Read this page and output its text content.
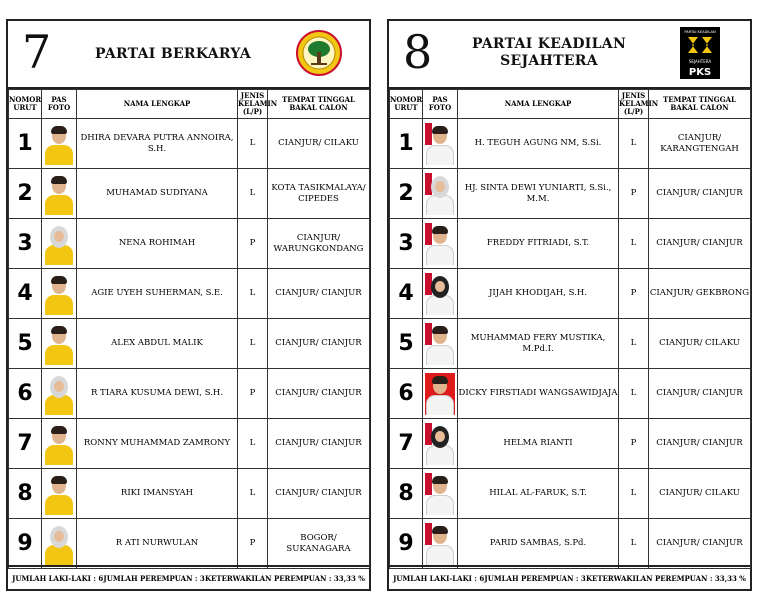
7	PARTAI BERKARYA
NOMOR URUT	PAS FOTO	NAMA LENGKAP	JENIS KELAMIN (L/P)	TEMPAT TINGGAL BAKAL CALON
1		DHIRA DEVARA PUTRA ANNOIRA, S.H.	L	CIANJUR/ CILAKU
2		MUHAMAD SUDIYANA	L	KOTA TASIKMALAYA/ CIPEDES
3		NENA ROHIMAH	P	CIANJUR/ WARUNGKONDANG
4		AGIE UYEH SUHERMAN, S.E.	L	CIANJUR/ CIANJUR
5		ALEX ABDUL MALIK	L	CIANJUR/ CIANJUR
6		R TIARA KUSUMA DEWI, S.H.	P	CIANJUR/ CIANJUR
7		RONNY MUHAMMAD ZAMRONY	L	CIANJUR/ CIANJUR
8		RIKI IMANSYAH	L	CIANJUR/ CIANJUR
9		R ATI NURWULAN	P	BOGOR/ SUKANAGARA
JUMLAH LAKI-LAKI : 6 JUMLAH PEREMPUAN : 3 KETERWAKILAN PEREMPUAN : 33,33 %
8	PARTAI KEADILAN
SEJAHTERA
PARTAI KEADILAN
SEJAHTERA
PKS
NOMOR URUT	PAS FOTO	NAMA LENGKAP	JENIS KELAMIN (L/P)	TEMPAT TINGGAL BAKAL CALON
1		H. TEGUH AGUNG NM, S.Si.	L	CIANJUR/ KARANGTENGAH
2		HJ. SINTA DEWI YUNIARTI, S.Si., M.M.	P	CIANJUR/ CIANJUR
3		FREDDY FITRIADI, S.T.	L	CIANJUR/ CIANJUR
4		JIJAH KHODIJAH, S.H.	P	CIANJUR/ GEKBRONG
5		MUHAMMAD FERY MUSTIKA, M.Pd.I.	L	CIANJUR/ CILAKU
6		DICKY FIRSTIADI WANGSAWIDJAJA	L	CIANJUR/ CIANJUR
7		HELMA RIANTI	P	CIANJUR/ CIANJUR
8		HILAL AL-FARUK, S.T.	L	CIANJUR/ CILAKU
9		PARID SAMBAS, S.Pd.	L	CIANJUR/ CIANJUR
JUMLAH LAKI-LAKI : 6 JUMLAH PEREMPUAN : 3 KETERWAKILAN PEREMPUAN : 33,33 %
